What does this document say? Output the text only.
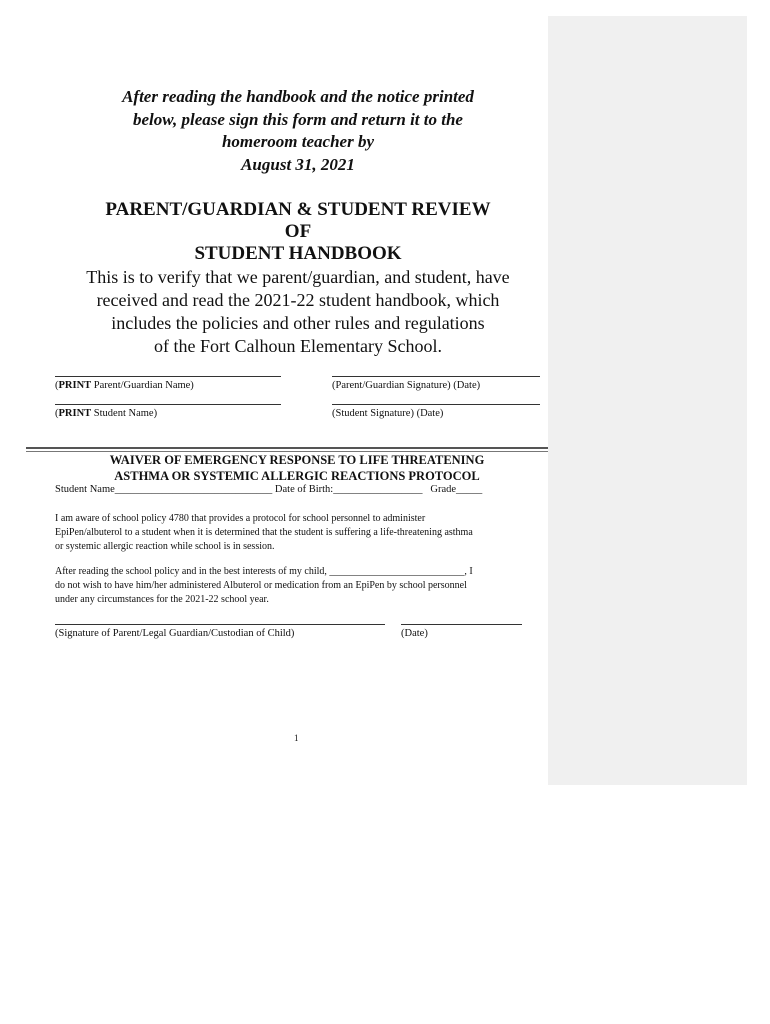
After reading the handbook and the notice printed
below, please sign this form and return it to the
homeroom teacher by
August 31, 2021
PARENT/GUARDIAN & STUDENT REVIEW
OF
STUDENT HANDBOOK
This is to verify that we parent/guardian, and student, have
received and read the 2021-22 student handbook, which
includes the policies and other rules and regulations
of the Fort Calhoun Elementary School.
(PRINT Parent/Guardian Name)	(Parent/Guardian Signature) (Date)
(PRINT Student Name)	(Student Signature) (Date)
WAIVER OF EMERGENCY RESPONSE TO LIFE THREATENING
ASTHMA OR SYSTEMIC ALLERGIC REACTIONS PROTOCOL
Student Name______________________________ Date of Birth:_________________ Grade_____
I am aware of school policy 4780 that provides a protocol for school personnel to administer
EpiPen/albuterol to a student when it is determined that the student is suffering a life-threatening asthma
or systemic allergic reaction while school is in session.
After reading the school policy and in the best interests of my child, ___________________________, I
do not wish to have him/her administered Albuterol or medication from an EpiPen by school personnel
under any circumstances for the 2021-22 school year.
(Signature of Parent/Legal Guardian/Custodian of Child)	(Date)
1
